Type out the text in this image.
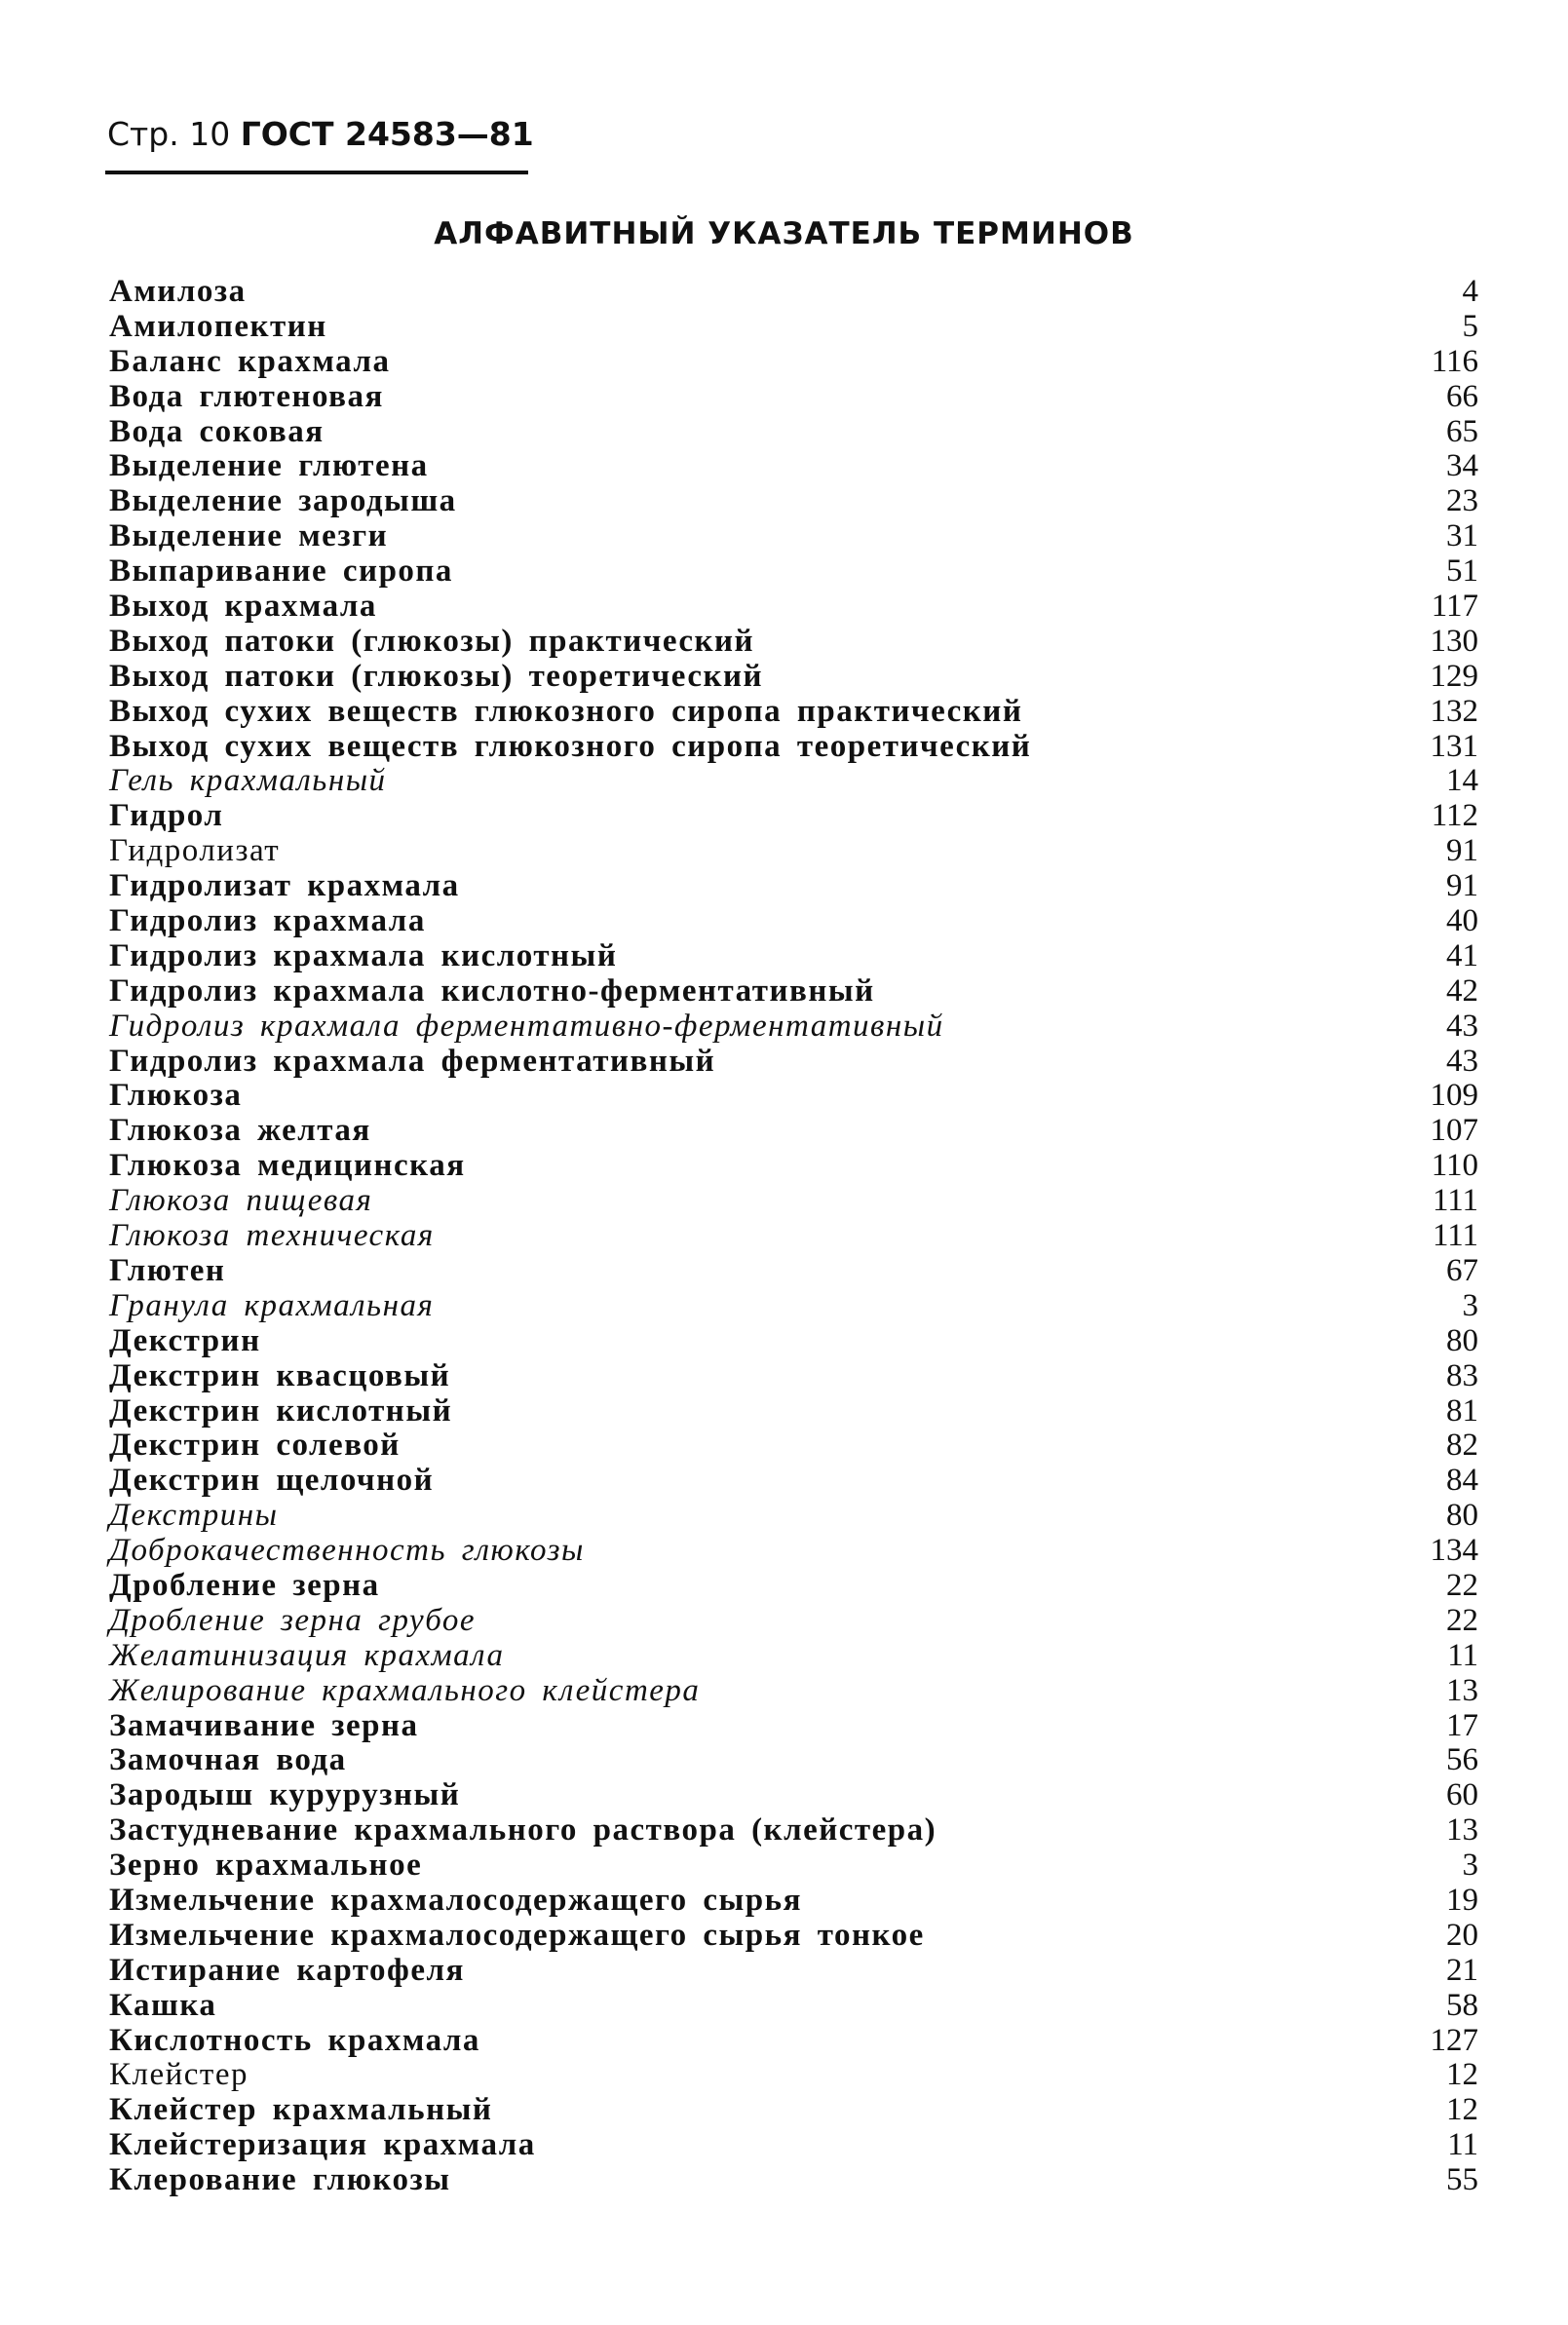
Стр. 10 ГОСТ 24583—81
АЛФАВИТНЫЙ УКАЗАТЕЛЬ ТЕРМИНОВ
Амилоза	4
Амилопектин	5
Баланс крахмала	116
Вода глютеновая	66
Вода соковая	65
Выделение глютена	34
Выделение зародыша	23
Выделение мезги	31
Выпаривание сиропа	51
Выход крахмала	117
Выход патоки (глюкозы) практический	130
Выход патоки (глюкозы) теоретический	129
Выход сухих веществ глюкозного сиропа практический	132
Выход сухих веществ глюкозного сиропа теоретический	131
Гель крахмальный	14
Гидрол	112
Гидролизат	91
Гидролизат крахмала	91
Гидролиз крахмала	40
Гидролиз крахмала кислотный	41
Гидролиз крахмала кислотно-ферментативный	42
Гидролиз крахмала ферментативно-ферментативный	43
Гидролиз крахмала ферментативный	43
Глюкоза	109
Глюкоза желтая	107
Глюкоза медицинская	110
Глюкоза пищевая	111
Глюкоза техническая	111
Глютен	67
Гранула крахмальная	3
Декстрин	80
Декстрин квасцовый	83
Декстрин кислотный	81
Декстрин солевой	82
Декстрин щелочной	84
Декстрины	80
Доброкачественность глюкозы	134
Дробление зерна	22
Дробление зерна грубое	22
Желатинизация крахмала	11
Желирование крахмального клейстера	13
Замачивание зерна	17
Замочная вода	56
Зародыш курурузный	60
Застудневание крахмального раствора (клейстера)	13
Зерно крахмальное	3
Измельчение крахмалосодержащего сырья	19
Измельчение крахмалосодержащего сырья тонкое	20
Истирание картофеля	21
Кашка	58
Кислотность крахмала	127
Клейстер	12
Клейстер крахмальный	12
Клейстеризация крахмала	11
Клерование глюкозы	55
